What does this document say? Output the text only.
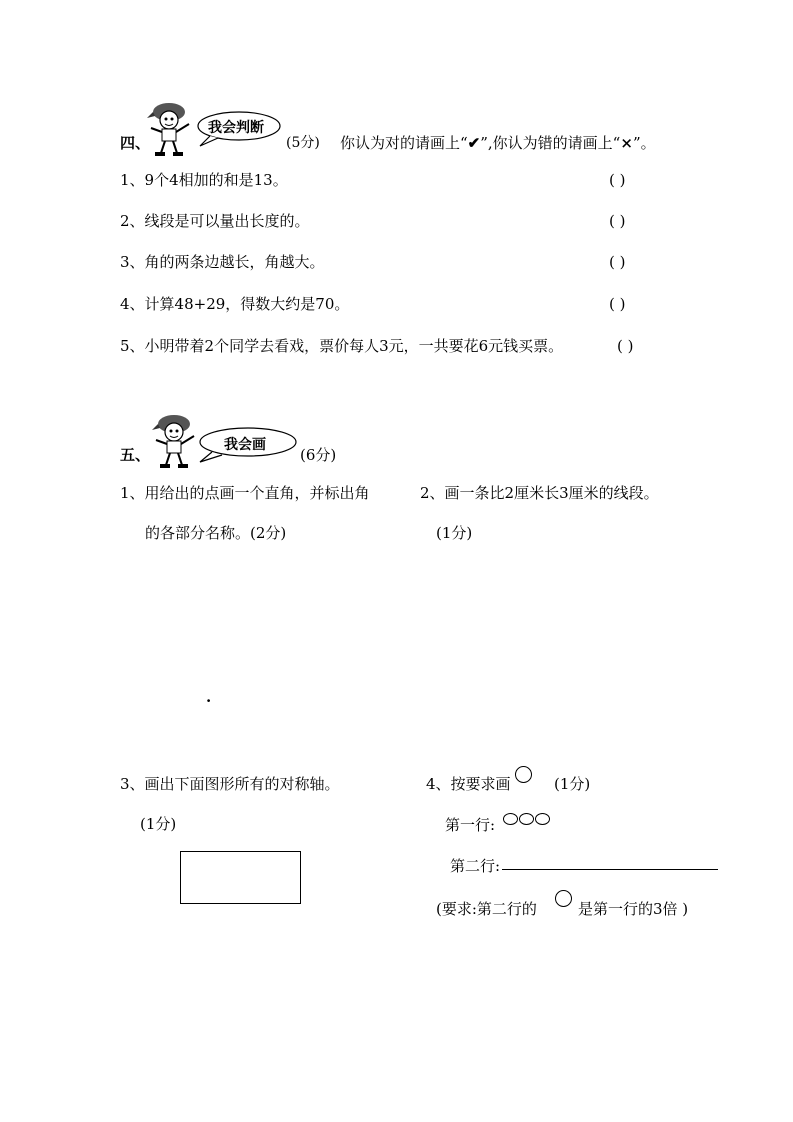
我会判断
四、	(5分) 你认为对的请画上“✔”,你认为错的请画上“×”。
1、9个4相加的和是13。	( )
2、线段是可以量出长度的。	( )
3、角的两条边越长，角越大。	( )
4、计算48+29，得数大约是70。	( )
5、小明带着2个同学去看戏，票价每人3元，一共要花6元钱买票。	( )
我会画
五、	(6分)
1、用给出的点画一个直角，并标出角
的各部分名称。(2分)
.
2、画一条比2厘米长3厘米的线段。
(1分)
3、画出下面图形所有的对称轴。
(1分)
4、按要求画	(1分)
第一行:
第二行:
(要求:第二行的	是第一行的3倍 )
